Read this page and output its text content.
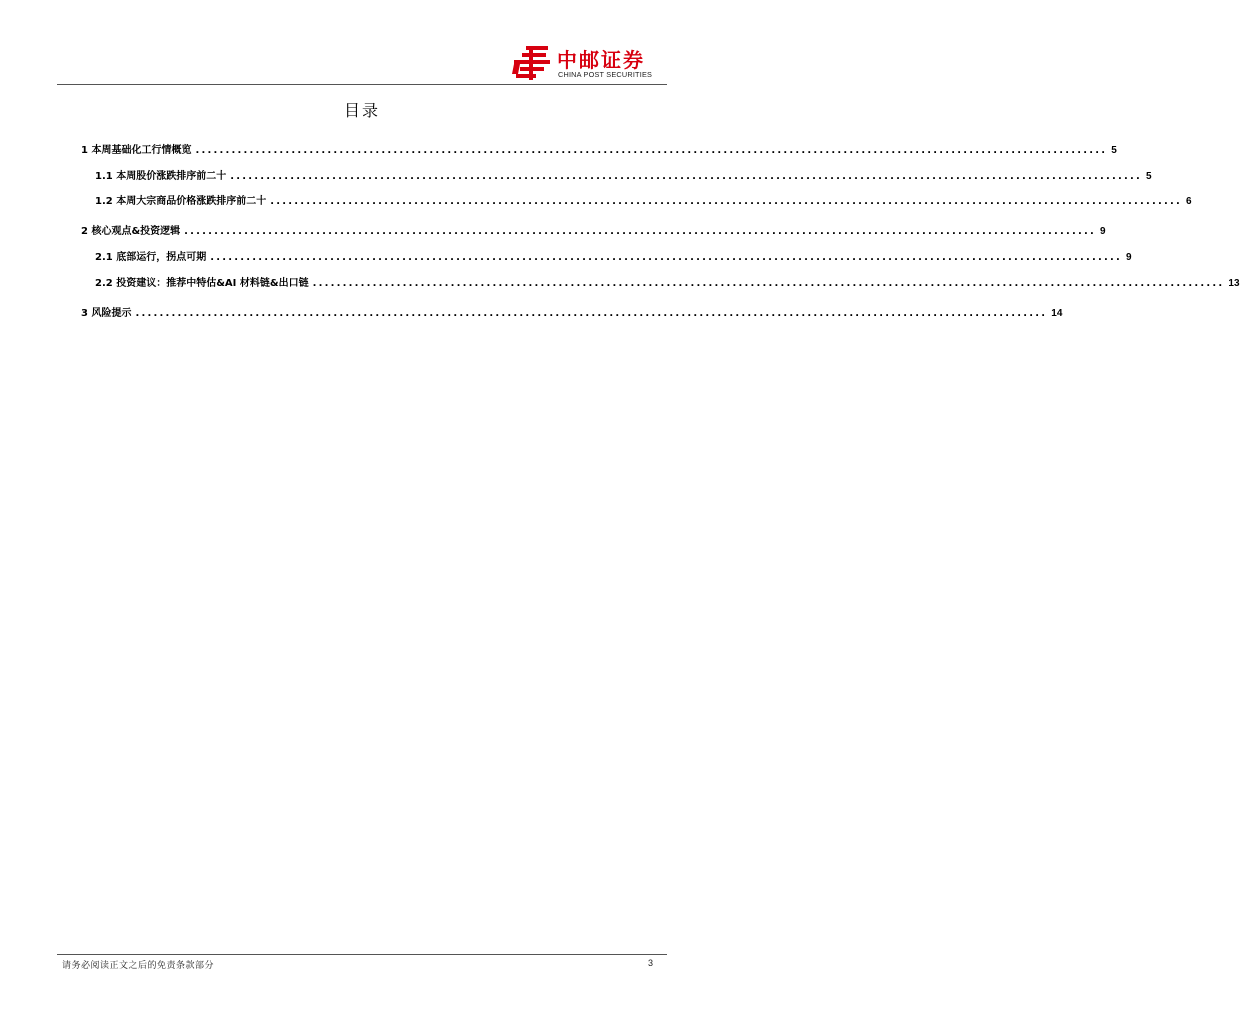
中邮证券
CHINA POST SECURITIES
目录
1 本周基础化工行情概览 ........................................................................................................................................................ 5
1.1 本周股价涨跌排序前二十 ........................................................................................................................................................ 5
1.2 本周大宗商品价格涨跌排序前二十 ........................................................................................................................................................ 6
2 核心观点&投资逻辑 ........................................................................................................................................................ 9
2.1 底部运行，拐点可期 ........................................................................................................................................................ 9
2.2 投资建议：推荐中特估&AI 材料链&出口链 ........................................................................................................................................................ 13
3 风险提示 ........................................................................................................................................................ 14
请务必阅读正文之后的免责条款部分	3
